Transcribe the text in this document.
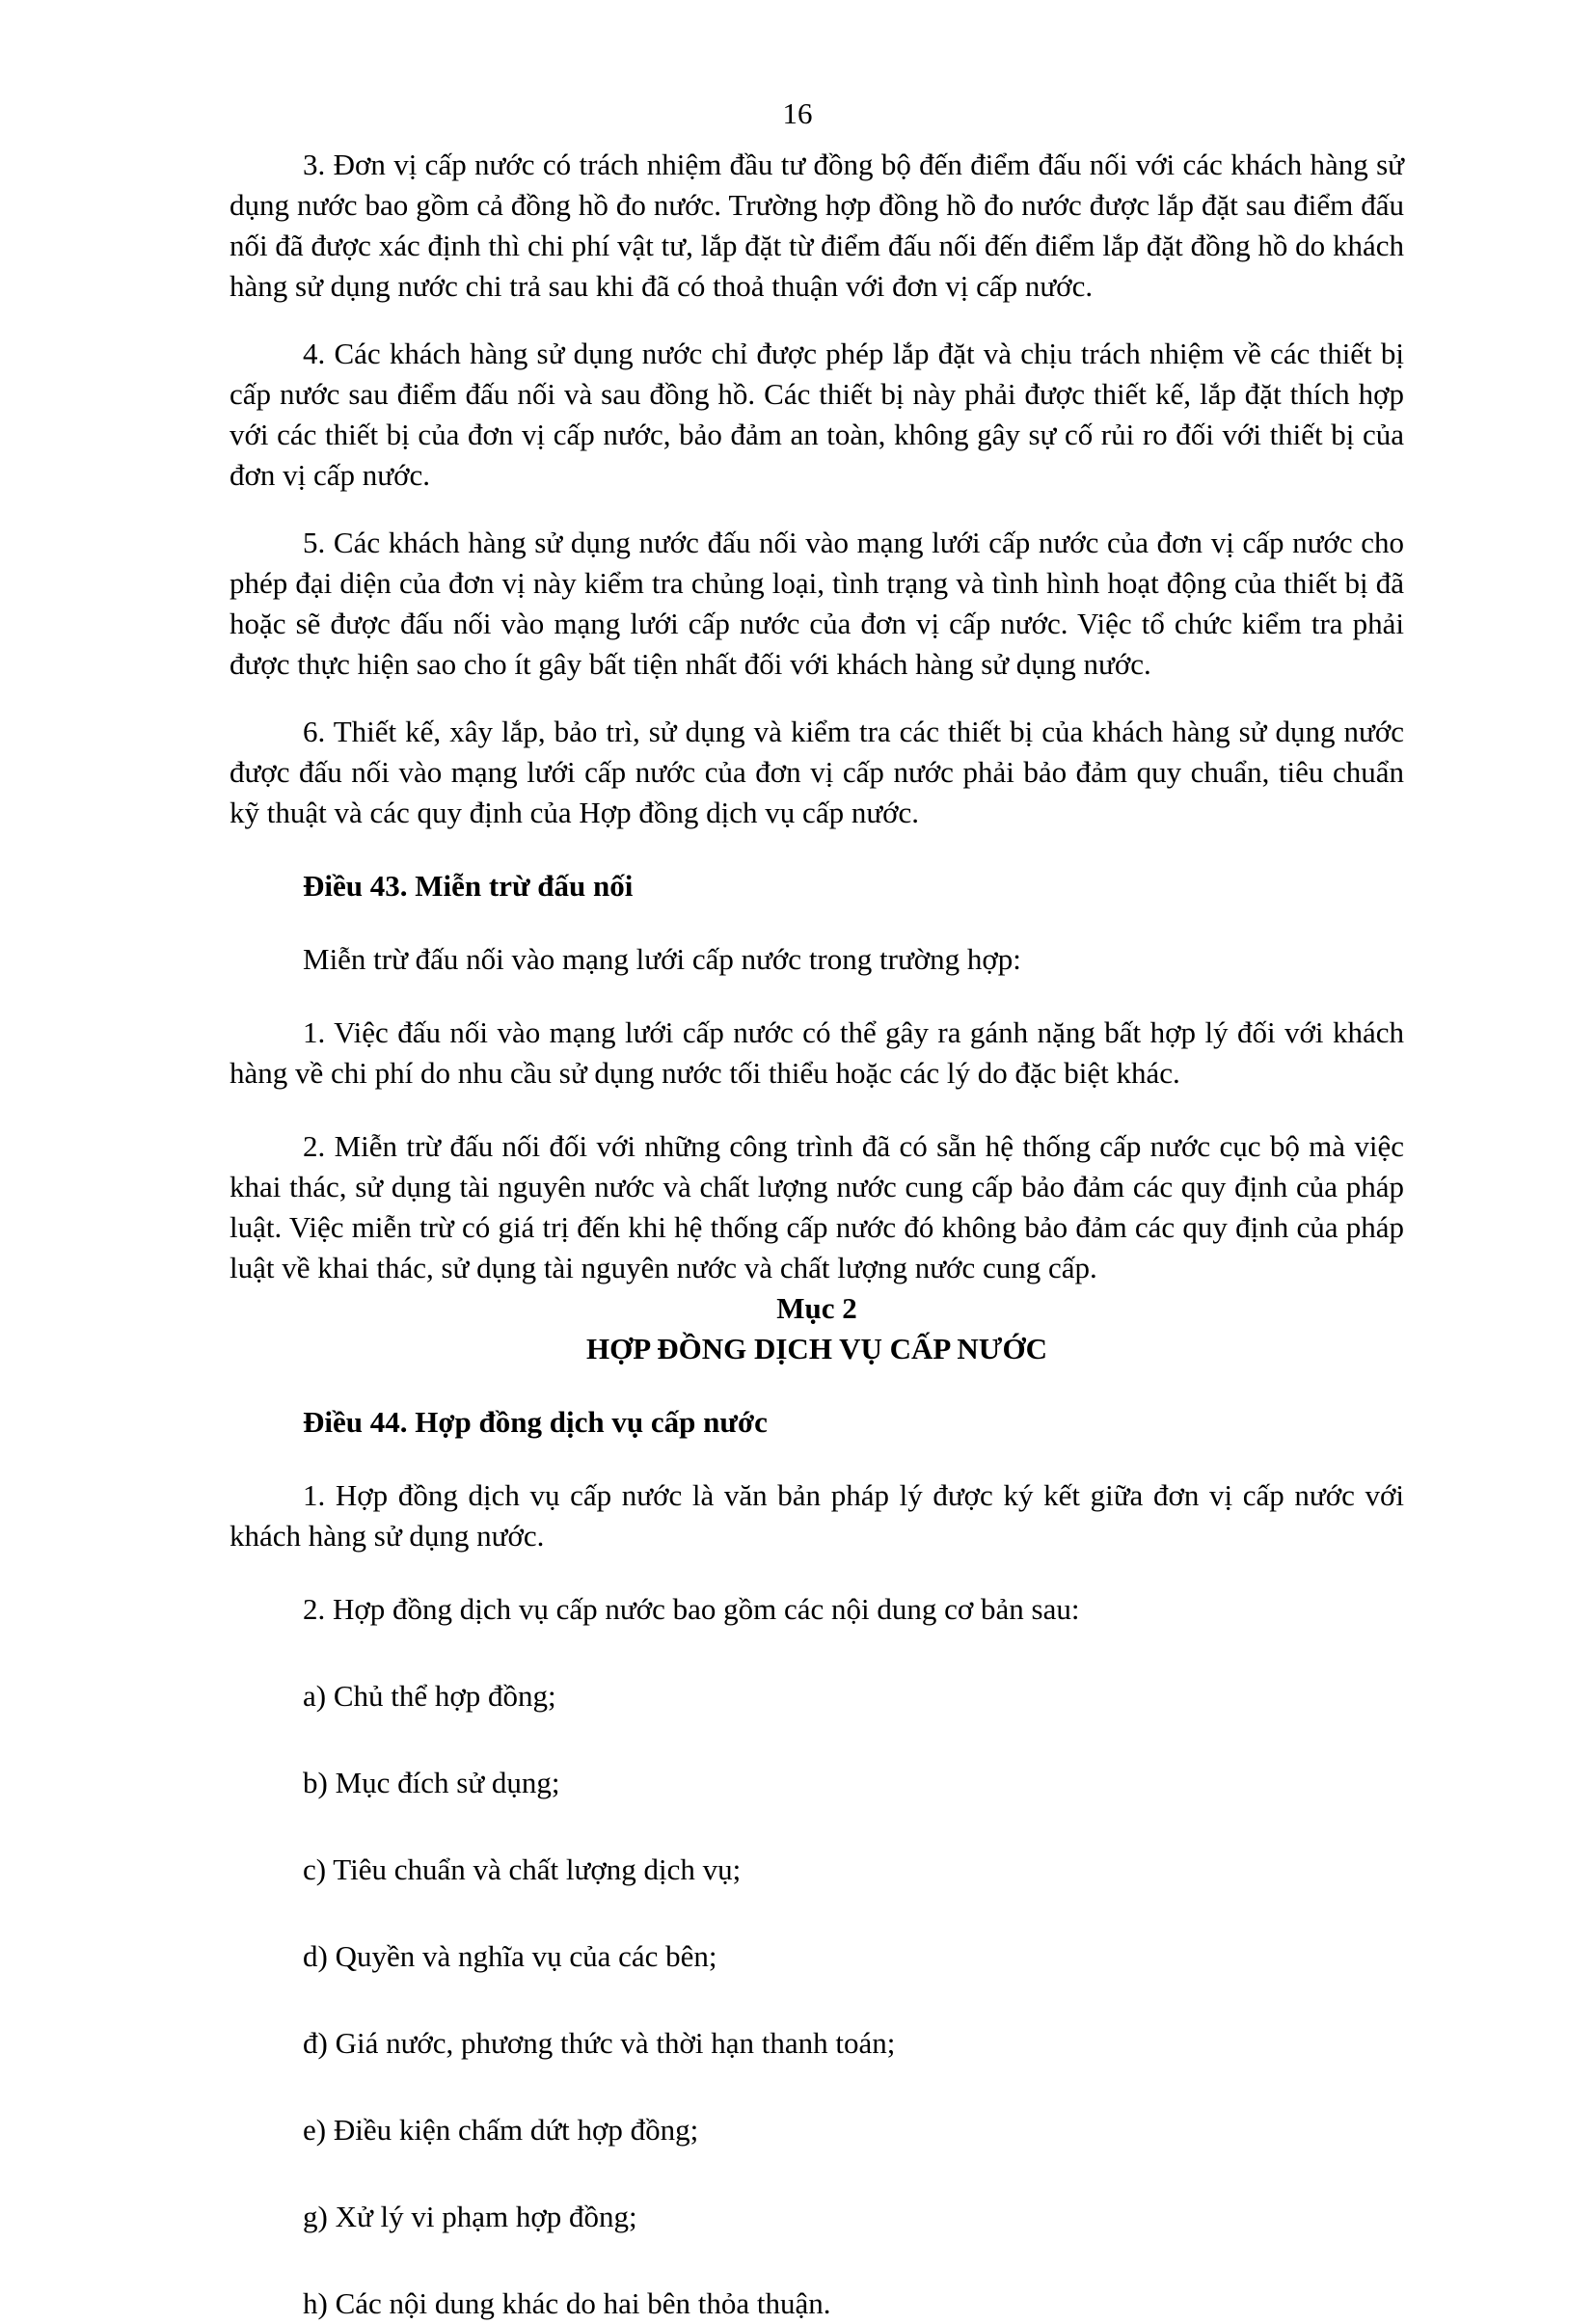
16

3. Đơn vị cấp nước có trách nhiệm đầu tư đồng bộ đến điểm đấu nối với các khách hàng sử dụng nước bao gồm cả đồng hồ đo nước. Trường hợp đồng hồ đo nước được lắp đặt sau điểm đấu nối đã được xác định thì chi phí vật tư, lắp đặt từ điểm đấu nối đến điểm lắp đặt đồng hồ do khách hàng sử dụng nước chi trả sau khi đã có thoả thuận với đơn vị cấp nước.

4. Các khách hàng sử dụng nước chỉ được phép lắp đặt và chịu trách nhiệm về các thiết bị cấp nước sau điểm đấu nối và sau đồng hồ. Các thiết bị này phải được thiết kế, lắp đặt thích hợp với các thiết bị của đơn vị cấp nước, bảo đảm an toàn, không gây sự cố rủi ro đối với thiết bị của đơn vị cấp nước.

5. Các khách hàng sử dụng nước đấu nối vào mạng lưới cấp nước của đơn vị cấp nước cho phép đại diện của đơn vị này kiểm tra chủng loại, tình trạng và tình hình hoạt động của thiết bị đã hoặc sẽ được đấu nối vào mạng lưới cấp nước của đơn vị cấp nước. Việc tổ chức kiểm tra phải được thực hiện sao cho ít gây bất tiện nhất đối với khách hàng sử dụng nước.

6. Thiết kế, xây lắp, bảo trì, sử dụng và kiểm tra các thiết bị của khách hàng sử dụng nước được đấu nối vào mạng lưới cấp nước của đơn vị cấp nước phải bảo đảm quy chuẩn, tiêu chuẩn kỹ thuật và các quy định của Hợp đồng dịch vụ cấp nước.

Điều 43. Miễn trừ đấu nối

Miễn trừ đấu nối vào mạng lưới cấp nước trong trường hợp:

1. Việc đấu nối vào mạng lưới cấp nước có thể gây ra gánh nặng bất hợp lý đối với khách hàng về chi phí do nhu cầu sử dụng nước tối thiểu hoặc các lý do đặc biệt khác.

2. Miễn trừ đấu nối đối với những công trình đã có sẵn hệ thống cấp nước cục bộ mà việc khai thác, sử dụng tài nguyên nước và chất lượng nước cung cấp bảo đảm các quy định của pháp luật. Việc miễn trừ có giá trị đến khi hệ thống cấp nước đó không bảo đảm các quy định của pháp luật về khai thác, sử dụng tài nguyên nước và chất lượng nước cung cấp.

Mục 2

HỢP ĐỒNG DỊCH VỤ CẤP NƯỚC

Điều 44. Hợp đồng dịch vụ cấp nước

1. Hợp đồng dịch vụ cấp nước là văn bản pháp lý được ký kết giữa đơn vị cấp nước với khách hàng sử dụng nước.

2. Hợp đồng dịch vụ cấp nước bao gồm các nội dung cơ bản sau:

a) Chủ thể hợp đồng;

b) Mục đích sử dụng;

c) Tiêu chuẩn và chất lượng dịch vụ;

d) Quyền và nghĩa vụ của các bên;

đ) Giá nước, phương thức và thời hạn thanh toán;

e) Điều kiện chấm dứt hợp đồng;

g) Xử lý vi phạm hợp đồng;

h) Các nội dung khác do hai bên thỏa thuận.
